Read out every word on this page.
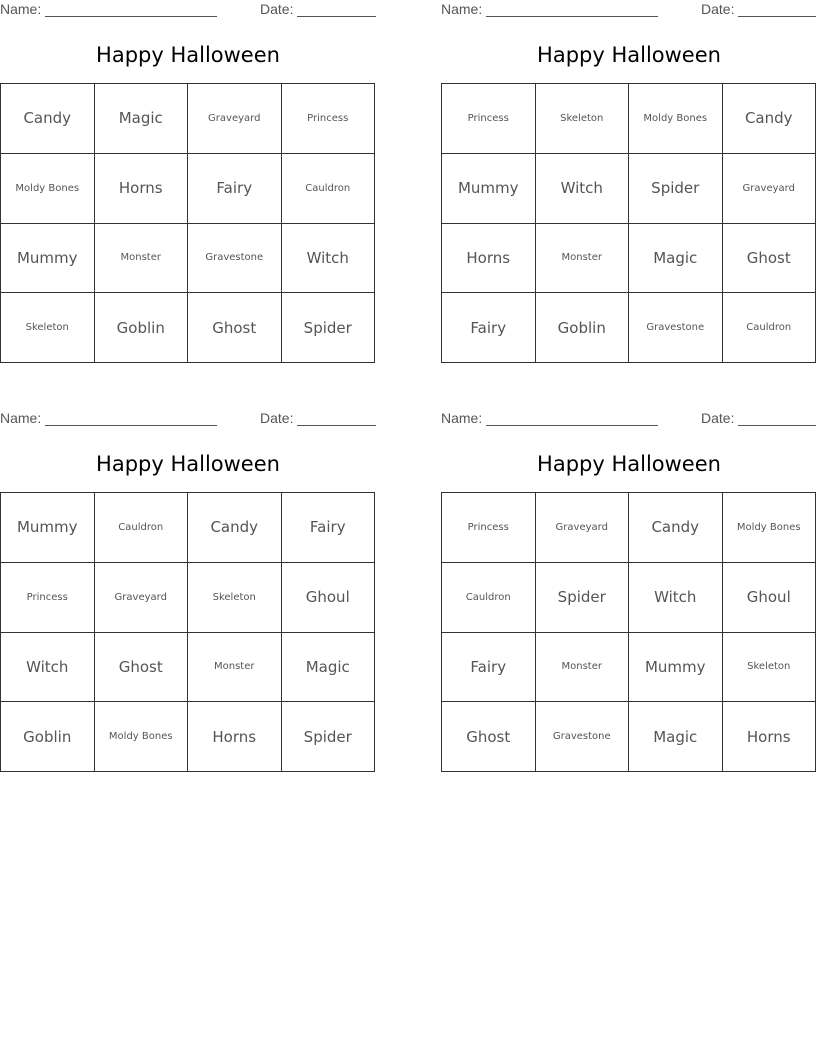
Name:	Date:
Happy Halloween
Candy	Magic	Graveyard	Princess
Moldy Bones	Horns	Fairy	Cauldron
Mummy	Monster	Gravestone	Witch
Skeleton	Goblin	Ghost	Spider
Name:	Date:
Happy Halloween
Princess	Skeleton	Moldy Bones	Candy
Mummy	Witch	Spider	Graveyard
Horns	Monster	Magic	Ghost
Fairy	Goblin	Gravestone	Cauldron
Name:	Date:
Happy Halloween
Mummy	Cauldron	Candy	Fairy
Princess	Graveyard	Skeleton	Ghoul
Witch	Ghost	Monster	Magic
Goblin	Moldy Bones	Horns	Spider
Name:	Date:
Happy Halloween
Princess	Graveyard	Candy	Moldy Bones
Cauldron	Spider	Witch	Ghoul
Fairy	Monster	Mummy	Skeleton
Ghost	Gravestone	Magic	Horns
